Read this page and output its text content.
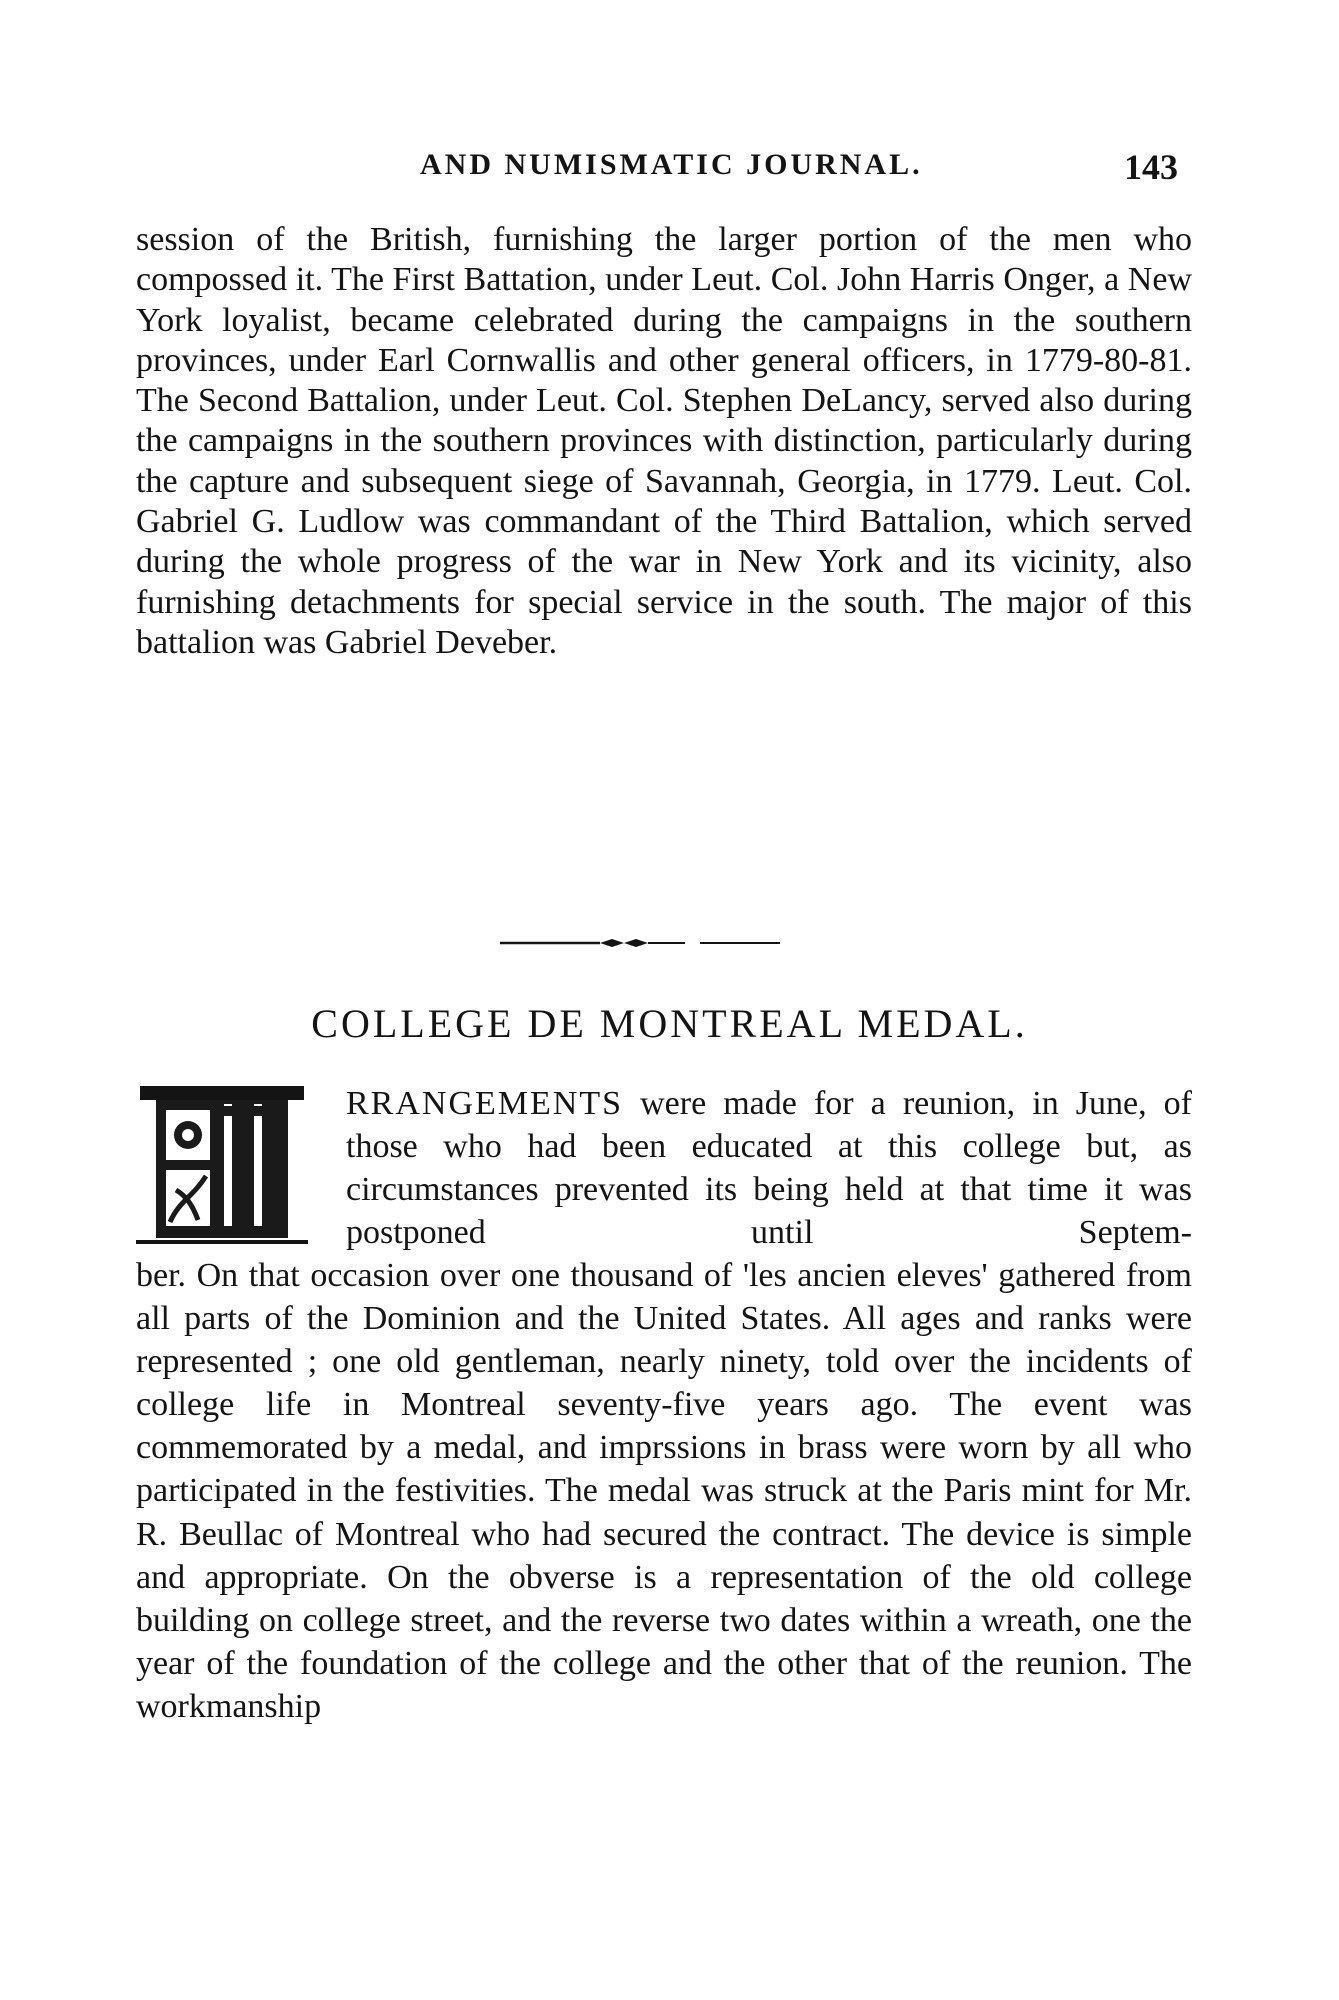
AND NUMISMATIC JOURNAL.	143

session of the British, furnishing the larger portion of the men who compossed it. The First Battation, under Leut. Col. John Harris Onger, a New York loyalist, became celebrated during the campaigns in the southern provinces, under Earl Cornwallis and other general officers, in 1779-80-81. The Second Battalion, under Leut. Col. Stephen DeLancy, served also during the campaigns in the southern provinces with distinction, particularly during the capture and subsequent siege of Savannah, Georgia, in 1779. Leut. Col. Gabriel G. Ludlow was commandant of the Third Battalion, which served during the whole progress of the war in New York and its vicinity, also furnishing detachments for special service in the south. The major of this battalion was Gabriel Deveber.

COLLEGE DE MONTREAL MEDAL.
A RRANGEMENTS were made for a reunion, in June, of those who had been educated at this college but, as circumstances prevented its being held at that time it was postponed until Septem-

ber. On that occasion over one thousand of 'les ancien eleves' gathered from all parts of the Dominion and the United States. All ages and ranks were represented ; one old gentleman, nearly ninety, told over the incidents of college life in Montreal seventy-five years ago. The event was commemorated by a medal, and imprssions in brass were worn by all who participated in the festivities. The medal was struck at the Paris mint for Mr. R. Beullac of Montreal who had secured the contract. The device is simple and appropriate. On the obverse is a representation of the old college building on college street, and the reverse two dates within a wreath, one the year of the foundation of the college and the other that of the reunion. The workmanship
